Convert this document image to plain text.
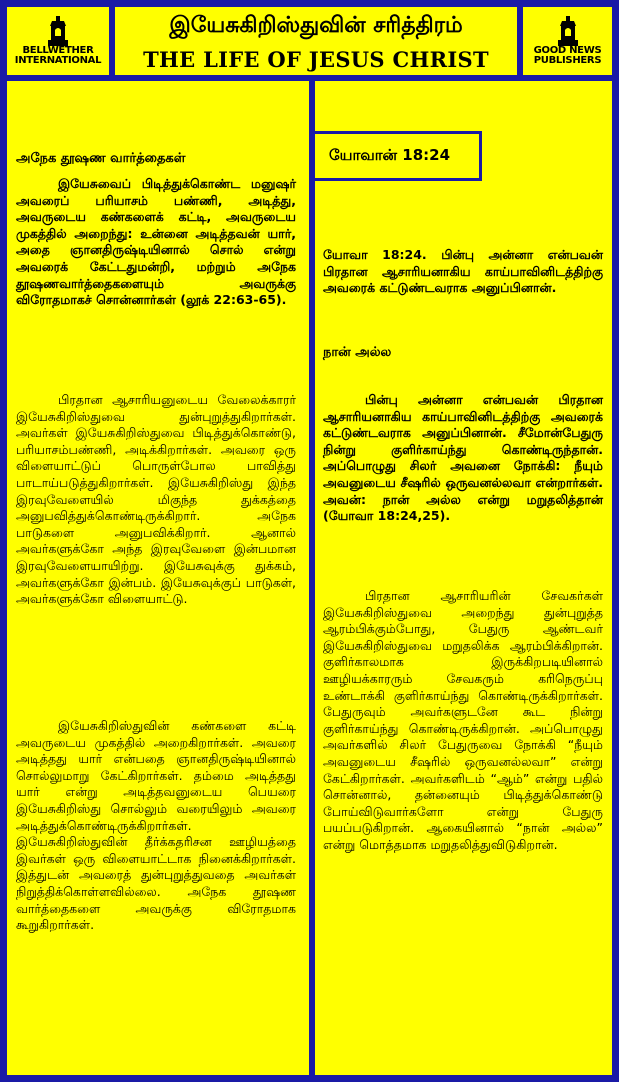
BELLWETHER
INTERNATIONAL
இயேசுகிறிஸ்துவின் சரித்திரம்
THE LIFE OF JESUS CHRIST	GOOD NEWS
PUBLISHERS
அநேக தூஷண வார்த்தைகள்

இயேசுவைப் பிடித்துக்கொண்ட மனுஷர் அவரைப் பரியாசம் பண்ணி, அடித்து, அவருடைய கண்களைக் கட்டி, அவருடைய முகத்தில் அறைந்து: உன்னை அடித்தவன் யார், அதை ஞானதிருஷ்டியினால் சொல் என்று அவரைக் கேட்டதுமன்றி, மற்றும் அநேக தூஷணவார்த்தைகளையும் அவருக்கு விரோதமாகச் சொன்னார்கள் (லூக் 22:63-65).

பிரதான ஆசாரியனுடைய வேலைக்காரர் இயேசுகிறிஸ்துவை துன்புறுத்துகிறார்கள். அவர்கள் இயேசுகிறிஸ்துவை பிடித்துக்கொண்டு, பரியாசம்பண்ணி, அடிக்கிறார்கள். அவரை ஒரு விளையாட்டுப் பொருள்போல பாவித்து பாடாய்படுத்துகிறார்கள். இயேசுகிறிஸ்து இந்த இரவுவேளையில் மிகுந்த துக்கத்தை அனுபவித்துக்கொண்டிருக்கிறார். அநேக பாடுகளை அனுபவிக்கிறார். ஆனால் அவர்களுக்கோ அந்த இரவுவேளை இன்பமான இரவுவேளையாயிற்று. இயேசுவுக்கு துக்கம், அவர்களுக்கோ இன்பம். இயேசுவுக்குப் பாடுகள், அவர்களுக்கோ விளையாட்டு.

இயேசுகிறிஸ்துவின் கண்களை கட்டி அவருடைய முகத்தில் அறைகிறார்கள். அவரை அடித்தது யார் என்பதை ஞானதிருஷ்டியினால் சொல்லுமாறு கேட்கிறார்கள். தம்மை அடித்தது யார் என்று அடித்தவனுடைய பெயரை இயேசுகிறிஸ்து சொல்லும் வரையிலும் அவரை அடித்துக்கொண்டிருக்கிறார்கள். இயேசுகிறிஸ்துவின் தீர்க்கதரிசன ஊழியத்தை இவர்கள் ஒரு விளையாட்டாக நினைக்கிறார்கள். இத்துடன் அவரைத் துன்புறுத்துவதை அவர்கள் நிறுத்திக்கொள்ளவில்லை. அநேக தூஷண வார்த்தைகளை அவருக்கு விரோதமாக கூறுகிறார்கள்.

யோவான் 18:24

யோவா 18:24. பின்பு அன்னா என்பவன் பிரதான ஆசாரியனாகிய காய்பாவினிடத்திற்கு அவரைக் கட்டுண்டவராக அனுப்பினான்.

நான் அல்ல

பின்பு அன்னா என்பவன் பிரதான ஆசாரியனாகிய காய்பாவினிடத்திற்கு அவரைக் கட்டுண்டவராக அனுப்பினான். சீமோன்பேதுரு நின்று குளிர்காய்ந்து கொண்டிருந்தான். அப்பொழுது சிலர் அவனை நோக்கி: நீயும் அவனுடைய சீஷரில் ஒருவனல்லவா என்றார்கள். அவன்: நான் அல்ல என்று மறுதலித்தான் (யோவா 18:24,25).

பிரதான ஆசாரியரின் சேவகர்கள் இயேசுகிறிஸ்துவை அறைந்து துன்புறுத்த ஆரம்பிக்கும்போது, பேதுரு ஆண்டவர் இயேசுகிறிஸ்துவை மறுதலிக்க ஆரம்பிக்கிறான். குளிர்காலமாக இருக்கிறபடியினால் ஊழியக்காரரும் சேவகரும் கரிநெருப்பு உண்டாக்கி குளிர்காய்ந்து கொண்டிருக்கிறார்கள். பேதுருவும் அவர்களுடனே கூட நின்று குளிர்காய்ந்து கொண்டிருக்கிறான். அப்பொழுது அவர்களில் சிலர் பேதுருவை நோக்கி “நீயும் அவனுடைய சீஷரில் ஒருவனல்லவா” என்று கேட்கிறார்கள். அவர்களிடம் “ஆம்” என்று பதில் சொன்னால், தன்னையும் பிடித்துக்கொண்டு போய்விடுவார்களோ என்று பேதுரு பயப்படுகிறான். ஆகையினால் “நான் அல்ல” என்று மொத்தமாக மறுதலித்துவிடுகிறான்.
